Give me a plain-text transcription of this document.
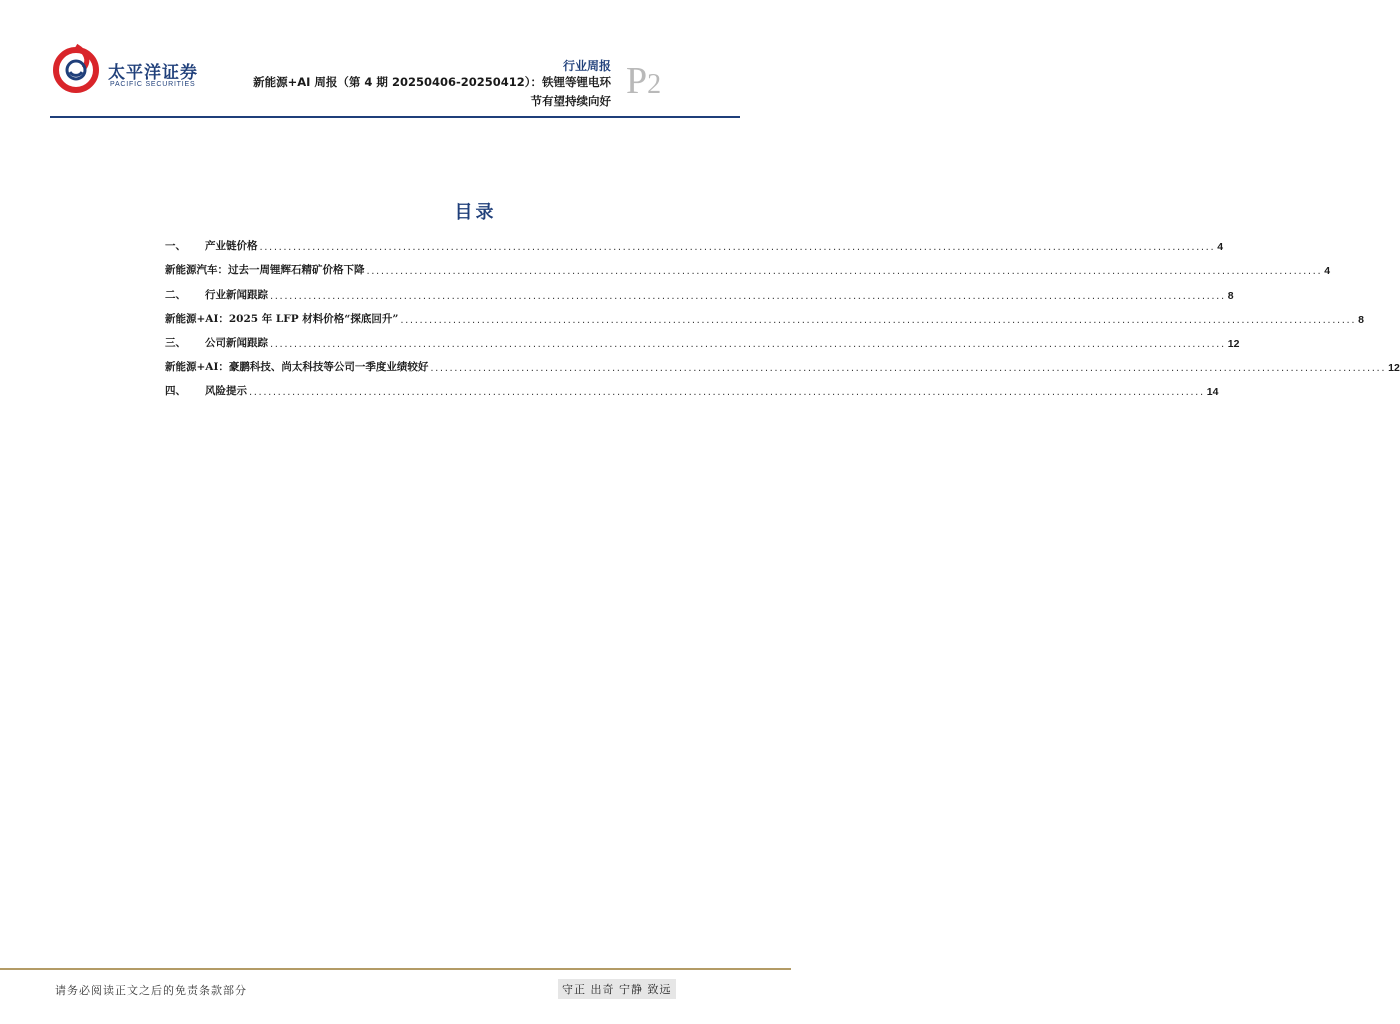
太平洋证券
PACIFIC SECURITIES
行业周报
新能源+AI 周报（第 4 期 20250406-20250412）：铁锂等锂电环
节有望持续向好 P2
目录
一、	产业链价格 ........................................................................................................................................................................................................ 4
新能源汽车：过去一周锂辉石精矿价格下降 ........................................................................................................................................................................................................ 4
二、	行业新闻跟踪 ........................................................................................................................................................................................................ 8
新能源+AI：2025 年 LFP 材料价格“探底回升” ........................................................................................................................................................................................................ 8
三、	公司新闻跟踪 ........................................................................................................................................................................................................ 12
新能源+AI：豪鹏科技、尚太科技等公司一季度业绩较好 ........................................................................................................................................................................................................ 12
四、	风险提示 ........................................................................................................................................................................................................ 14
请务必阅读正文之后的免责条款部分	守正 出奇 宁静 致远
